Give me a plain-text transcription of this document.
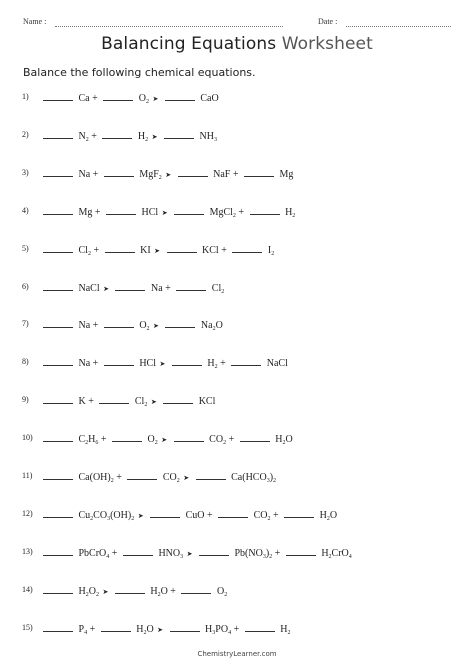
Name :	Date :
Balancing Equations Worksheet
Balance the following chemical equations.
1)	Ca +	$O_2$ ➤	CaO
2)	$N_2$ +	$H_2$ ➤	$NH_3$
3)	Na +	MgF$_2$ ➤	NaF +	Mg
4)	Mg +	HCl ➤	MgCl$_2$ +	$H_2$
5)	$Cl_2$ +	KI ➤	KCl +	$I_2$
6)	NaCl ➤	Na +	$Cl_2$
7)	Na +	$O_2$ ➤	$Na_2O$
8)	Na +	HCl ➤	$H_2$ +	NaCl
9)	K +	$Cl_2$ ➤	KCl
10)	$C_2H_6$ +	$O_2$ ➤	$CO_2$ +	$H_2O$
11)	$Ca(OH)_2$ +	$CO_2$ ➤	$Ca(HCO_3)_2$
12)	$Cu_2CO_3(OH)_2$ ➤	CuO +	$CO_2$ +	$H_2O$
13)	PbCrO$_4$ +	$HNO_3$ ➤	$Pb(NO_3)_2$ +	$H_2CrO_4$
14)	$H_2O_2$ ➤	$H_2O$ +	$O_2$
15)	$P_4$ +	$H_2O$ ➤	$H_3PO_4$ +	$H_2$
ChemistryLearner.com
